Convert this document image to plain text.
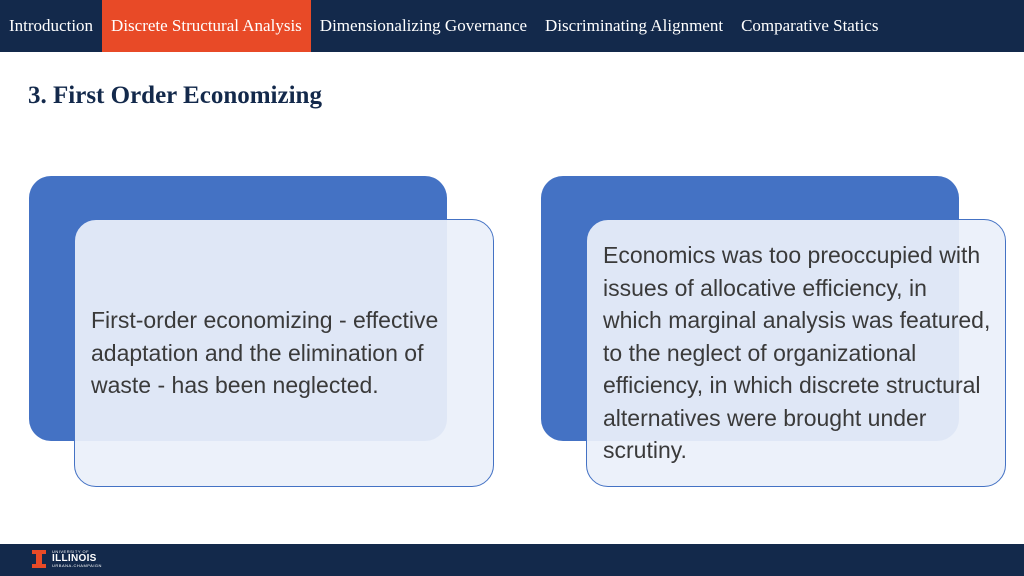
Introduction	Discrete Structural Analysis	Dimensionalizing Governance	Discriminating Alignment	Comparative Statics
3. First Order Economizing

First-order economizing - effective adaptation and the elimination of waste - has been neglected.

Economics was too preoccupied with issues of allocative efficiency, in which marginal analysis was featured, to the neglect of organizational efficiency, in which discrete structural alternatives were brought under scrutiny.

UNIVERSITY OF
ILLINOIS
URBANA-CHAMPAIGN
